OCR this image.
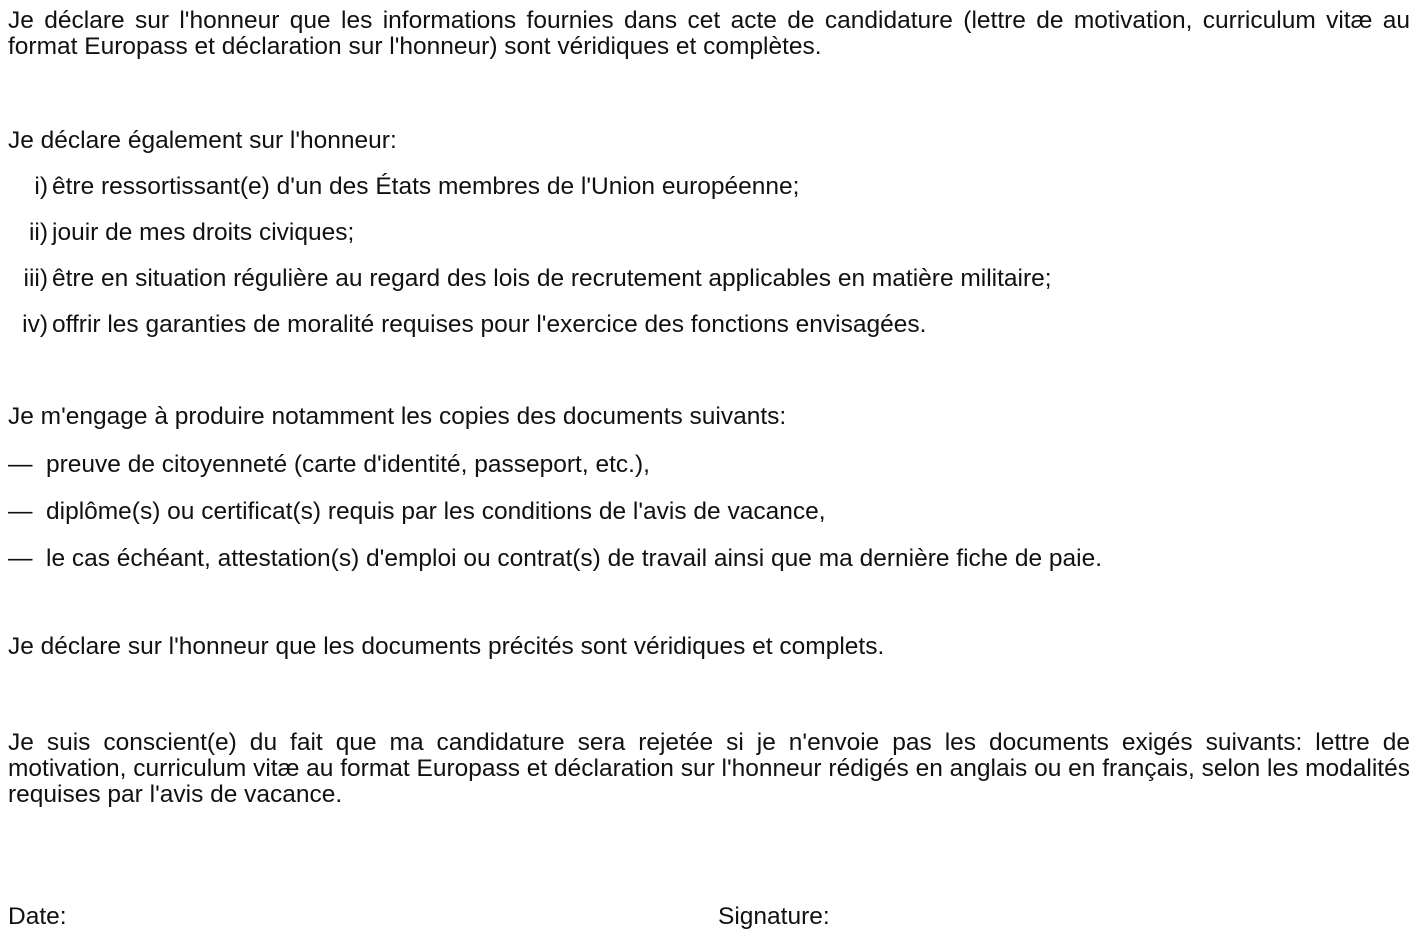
Je déclare sur l'honneur que les informations fournies dans cet acte de candidature (lettre de motivation, curriculum vitæ au format Europass et déclaration sur l'honneur) sont véridiques et complètes.

Je déclare également sur l'honneur:

i) être ressortissant(e) d'un des États membres de l'Union européenne;
ii) jouir de mes droits civiques;
iii) être en situation régulière au regard des lois de recrutement applicables en matière militaire;
iv) offrir les garanties de moralité requises pour l'exercice des fonctions envisagées.

Je m'engage à produire notamment les copies des documents suivants:

— preuve de citoyenneté (carte d'identité, passeport, etc.),
— diplôme(s) ou certificat(s) requis par les conditions de l'avis de vacance,
— le cas échéant, attestation(s) d'emploi ou contrat(s) de travail ainsi que ma dernière fiche de paie.

Je déclare sur l'honneur que les documents précités sont véridiques et complets.

Je suis conscient(e) du fait que ma candidature sera rejetée si je n'envoie pas les documents exigés suivants: lettre de motivation, curriculum vitæ au format Europass et déclaration sur l'honneur rédigés en anglais ou en français, selon les modalités requises par l'avis de vacance.

Date:	Signature:
